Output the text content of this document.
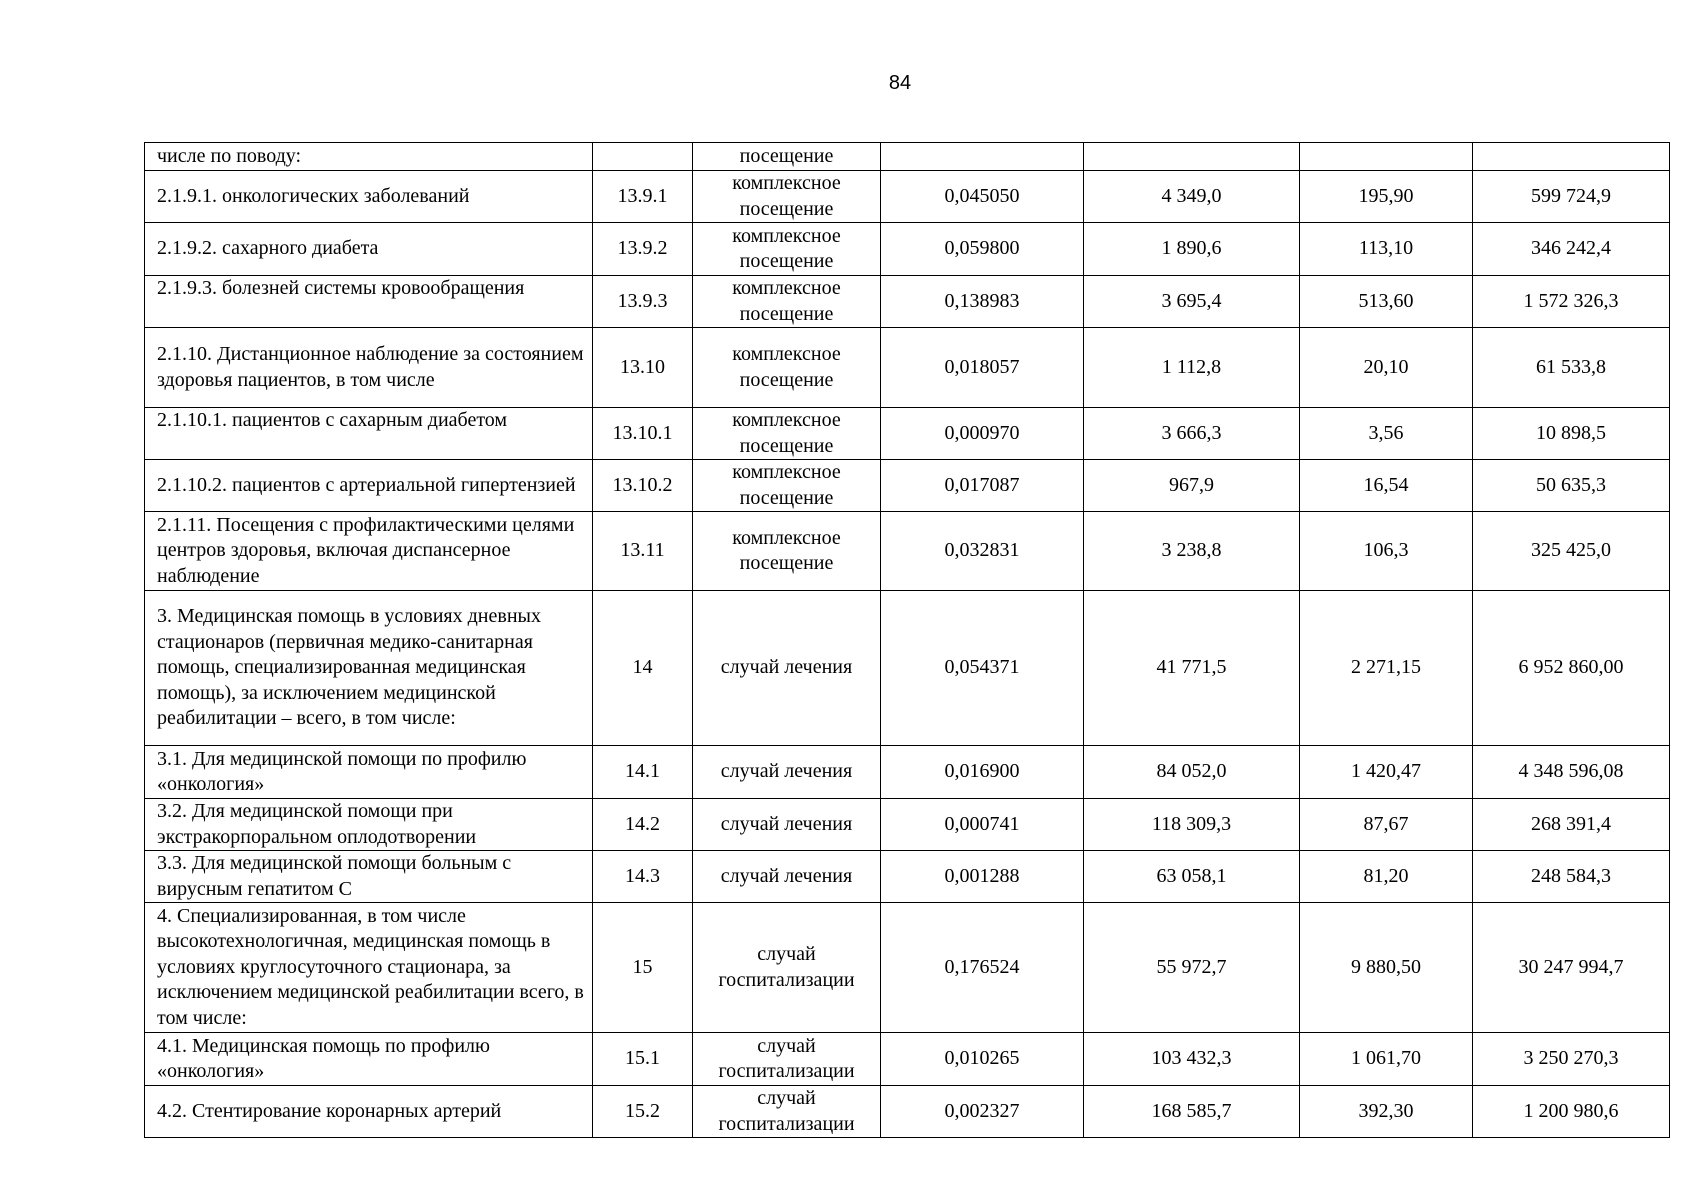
84
числе по поводу:		посещение				
2.1.9.1. онкологических заболеваний	13.9.1	комплексное посещение	0,045050	4 349,0	195,90	599 724,9
2.1.9.2. сахарного диабета	13.9.2	комплексное посещение	0,059800	1 890,6	113,10	346 242,4
2.1.9.3. болезней системы кровообращения	13.9.3	комплексное посещение	0,138983	3 695,4	513,60	1 572 326,3
2.1.10. Дистанционное наблюдение за состоянием здоровья пациентов, в том числе	13.10	комплексное посещение	0,018057	1 112,8	20,10	61 533,8
2.1.10.1. пациентов с сахарным диабетом	13.10.1	комплексное посещение	0,000970	3 666,3	3,56	10 898,5
2.1.10.2. пациентов с артериальной гипертензией	13.10.2	комплексное посещение	0,017087	967,9	16,54	50 635,3
2.1.11. Посещения с профилактическими целями центров здоровья, включая диспансерное наблюдение	13.11	комплексное посещение	0,032831	3 238,8	106,3	325 425,0
3. Медицинская помощь в условиях дневных стационаров (первичная медико-санитарная помощь, специализированная медицинская помощь), за исключением медицинской реабилитации – всего, в том числе:	14	случай лечения	0,054371	41 771,5	2 271,15	6 952 860,00
3.1. Для медицинской помощи по профилю «онкология»	14.1	случай лечения	0,016900	84 052,0	1 420,47	4 348 596,08
3.2. Для медицинской помощи при экстракорпоральном оплодотворении	14.2	случай лечения	0,000741	118 309,3	87,67	268 391,4
3.3. Для медицинской помощи больным с вирусным гепатитом С	14.3	случай лечения	0,001288	63 058,1	81,20	248 584,3
4. Специализированная, в том числе высокотехнологичная, медицинская помощь в условиях круглосуточного стационара, за исключением медицинской реабилитации всего, в том числе:	15	случай госпитализации	0,176524	55 972,7	9 880,50	30 247 994,7
4.1. Медицинская помощь по профилю «онкология»	15.1	случай госпитализации	0,010265	103 432,3	1 061,70	3 250 270,3
4.2. Стентирование коронарных артерий	15.2	случай госпитализации	0,002327	168 585,7	392,30	1 200 980,6
